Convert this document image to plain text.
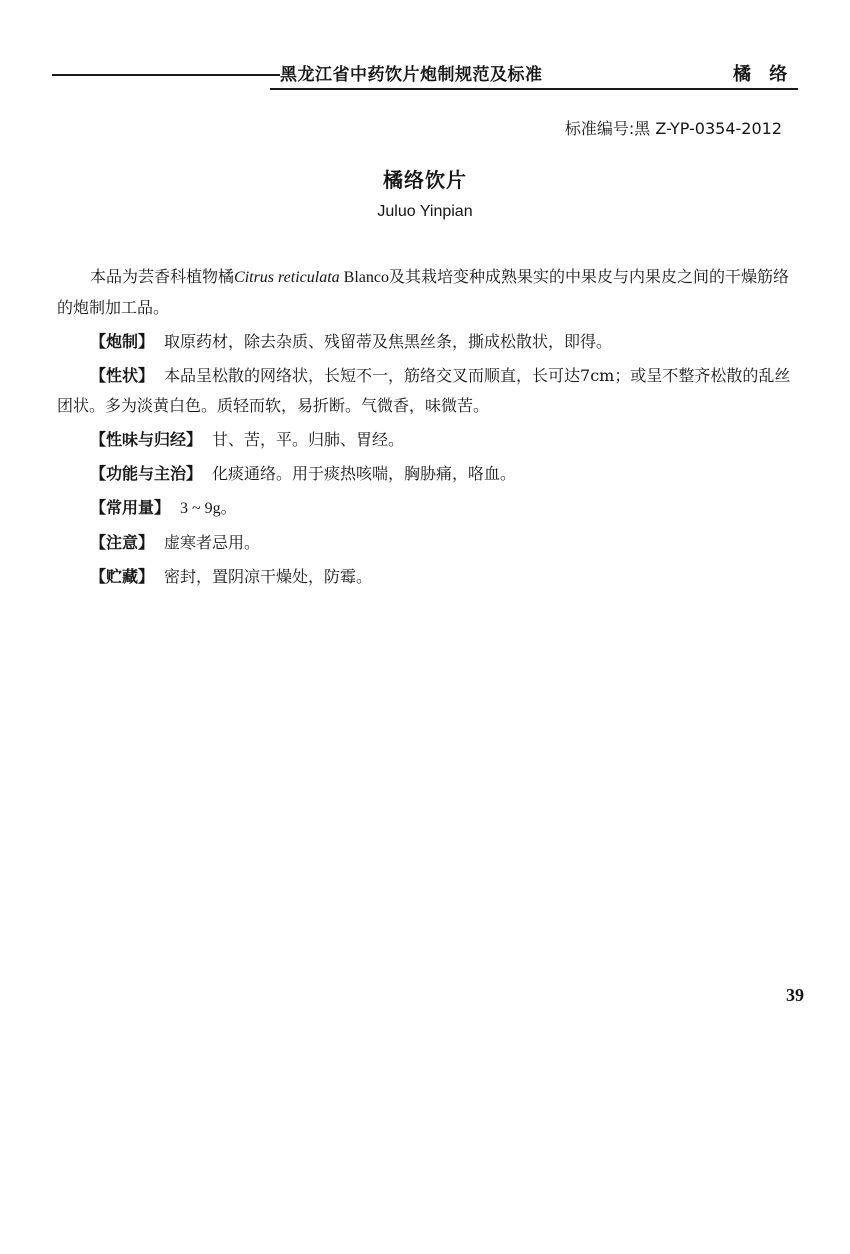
黑龙江省中药饮片炮制规范及标准	橘 络
标准编号:黑 Z-YP-0354-2012
橘络饮片
Juluo Yinpian

本品为芸香科植物橘Citrus reticulata Blanco及其栽培变种成熟果实的中果皮与内果皮之间的干燥筋络的炮制加工品。

【炮制】 取原药材，除去杂质、残留蒂及焦黑丝条，撕成松散状，即得。

【性状】 本品呈松散的网络状，长短不一，筋络交叉而顺直，长可达7cm；或呈不整齐松散的乱丝团状。多为淡黄白色。质轻而软，易折断。气微香，味微苦。

【性味与归经】 甘、苦，平。归肺、胃经。

【功能与主治】 化痰通络。用于痰热咳喘，胸胁痛，咯血。

【常用量】 3 ~ 9g。

【注意】 虚寒者忌用。

【贮藏】 密封，置阴凉干燥处，防霉。

39
